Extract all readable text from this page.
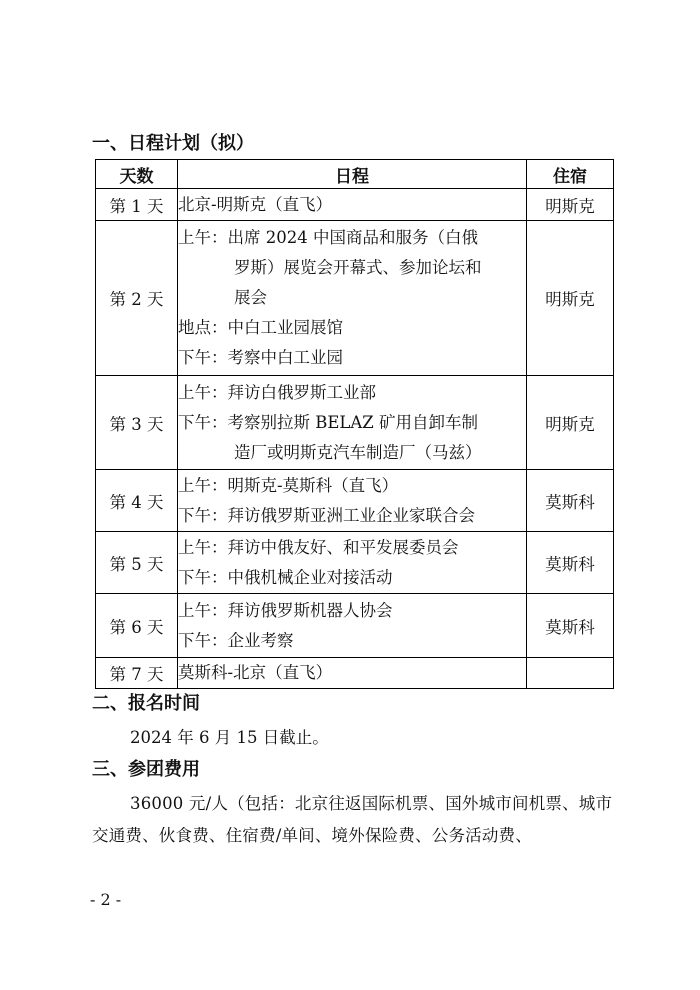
一、日程计划（拟）
天数	日程	住宿
第 1 天	北京-明斯克（直飞）	明斯克
第 2 天	上午：出席 2024 中国商品和服务（白俄
罗斯）展览会开幕式、参加论坛和
展会
地点：中白工业园展馆
下午：考察中白工业园	明斯克
第 3 天	上午：拜访白俄罗斯工业部
下午：考察别拉斯 BELAZ 矿用自卸车制
造厂或明斯克汽车制造厂（马兹）	明斯克
第 4 天	上午：明斯克-莫斯科（直飞）
下午：拜访俄罗斯亚洲工业企业家联合会	莫斯科
第 5 天	上午：拜访中俄友好、和平发展委员会
下午：中俄机械企业对接活动	莫斯科
第 6 天	上午：拜访俄罗斯机器人协会
下午：企业考察	莫斯科
第 7 天	莫斯科-北京（直飞）	

二、报名时间
2024 年 6 月 15 日截止。
三、参团费用
36000 元/人（包括：北京往返国际机票、国外城市间机票、城市交通费、伙食费、住宿费/单间、境外保险费、公务活动费、
- 2 -
